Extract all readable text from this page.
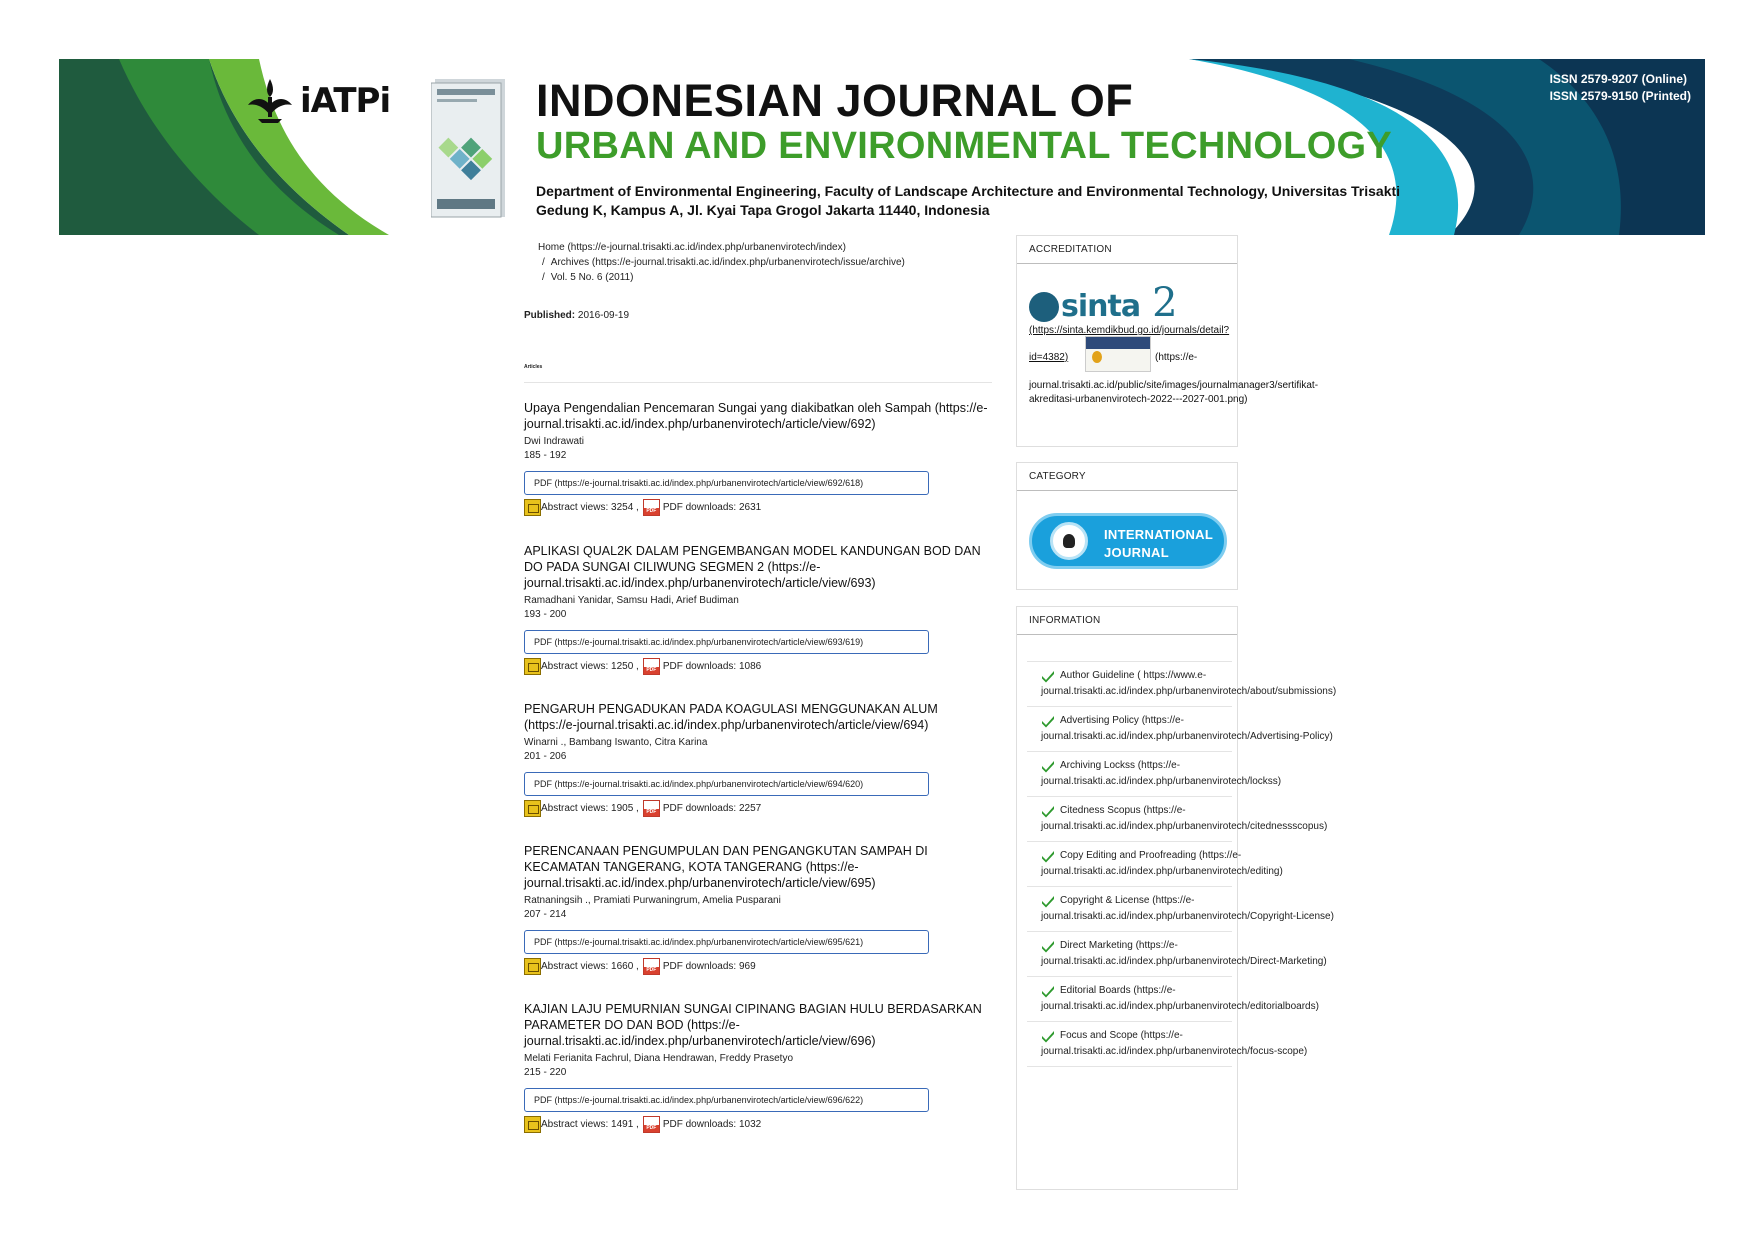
iATPi	INDONESIAN JOURNAL OF
URBAN AND ENVIRONMENTAL TECHNOLOGY
Department of Environmental Engineering, Faculty of Landscape Architecture and Environmental Technology, Universitas Trisakti
Gedung K, Kampus A, Jl. Kyai Tapa Grogol Jakarta 11440, Indonesia
ISSN 2579-9207 (Online)
ISSN 2579-9150 (Printed)
Home (https://e-journal.trisakti.ac.id/index.php/urbanenvirotech/index)
/ Archives (https://e-journal.trisakti.ac.id/index.php/urbanenvirotech/issue/archive)
/ Vol. 5 No. 6 (2011)
Published: 2016-09-19
Articles
Upaya Pengendalian Pencemaran Sungai yang diakibatkan oleh Sampah (https://e-journal.trisakti.ac.id/index.php/urbanenvirotech/article/view/692)
Dwi Indrawati
185 - 192
PDF (https://e-journal.trisakti.ac.id/index.php/urbanenvirotech/article/view/692/618)
Abstract views: 3254 , PDF PDF downloads: 2631
APLIKASI QUAL2K DALAM PENGEMBANGAN MODEL KANDUNGAN BOD DAN DO PADA SUNGAI CILIWUNG SEGMEN 2 (https://e-journal.trisakti.ac.id/index.php/urbanenvirotech/article/view/693)
Ramadhani Yanidar, Samsu Hadi, Arief Budiman
193 - 200
PDF (https://e-journal.trisakti.ac.id/index.php/urbanenvirotech/article/view/693/619)
Abstract views: 1250 , PDF PDF downloads: 1086
PENGARUH PENGADUKAN PADA KOAGULASI MENGGUNAKAN ALUM (https://e-journal.trisakti.ac.id/index.php/urbanenvirotech/article/view/694)
Winarni ., Bambang Iswanto, Citra Karina
201 - 206
PDF (https://e-journal.trisakti.ac.id/index.php/urbanenvirotech/article/view/694/620)
Abstract views: 1905 , PDF PDF downloads: 2257
PERENCANAAN PENGUMPULAN DAN PENGANGKUTAN SAMPAH DI KECAMATAN TANGERANG, KOTA TANGERANG (https://e-journal.trisakti.ac.id/index.php/urbanenvirotech/article/view/695)
Ratnaningsih ., Pramiati Purwaningrum, Amelia Pusparani
207 - 214
PDF (https://e-journal.trisakti.ac.id/index.php/urbanenvirotech/article/view/695/621)
Abstract views: 1660 , PDF PDF downloads: 969
KAJIAN LAJU PEMURNIAN SUNGAI CIPINANG BAGIAN HULU BERDASARKAN PARAMETER DO DAN BOD (https://e-journal.trisakti.ac.id/index.php/urbanenvirotech/article/view/696)
Melati Ferianita Fachrul, Diana Hendrawan, Freddy Prasetyo
215 - 220
PDF (https://e-journal.trisakti.ac.id/index.php/urbanenvirotech/article/view/696/622)
Abstract views: 1491 , PDF PDF downloads: 1032
ACCREDITATION
sinta 2
(https://sinta.kemdikbud.go.id/journals/detail?
id=4382)	(https://e-
journal.trisakti.ac.id/public/site/images/journalmanager3/sertifikat-akreditasi-urbanenvirotech-2022---2027-001.png)
CATEGORY
INTERNATIONAL
JOURNAL
INFORMATION
Author Guideline ( https://www.e-journal.trisakti.ac.id/index.php/urbanenvirotech/about/submissions)
Advertising Policy (https://e-journal.trisakti.ac.id/index.php/urbanenvirotech/Advertising-Policy)
Archiving Lockss (https://e-journal.trisakti.ac.id/index.php/urbanenvirotech/lockss)
Citedness Scopus (https://e-journal.trisakti.ac.id/index.php/urbanenvirotech/citednessscopus)
Copy Editing and Proofreading (https://e-journal.trisakti.ac.id/index.php/urbanenvirotech/editing)
Copyright & License (https://e-journal.trisakti.ac.id/index.php/urbanenvirotech/Copyright-License)
Direct Marketing (https://e-journal.trisakti.ac.id/index.php/urbanenvirotech/Direct-Marketing)
Editorial Boards (https://e-journal.trisakti.ac.id/index.php/urbanenvirotech/editorialboards)
Focus and Scope (https://e-journal.trisakti.ac.id/index.php/urbanenvirotech/focus-scope)
